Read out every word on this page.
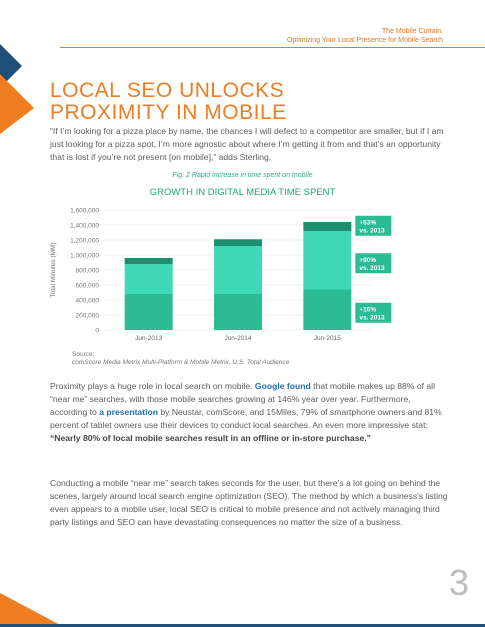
The Mobile Curtain:
Optimizing Your Local Presence for Mobile Search
LOCAL SEO UNLOCKS
PROXIMITY IN MOBILE

“If I’m looking for a pizza place by name, the chances I will defect to a competitor are smaller, but if I am just looking for a pizza spot, I’m more agnostic about where I’m getting it from and that’s an opportunity that is lost if you’re not present [on mobile],” adds Sterling.

Fig. 2 Rapid increase in time spent on mobile
GROWTH IN DIGITAL MEDIA TIME SPENT
1,600,000
1,400,000
1,200,000
1,000,000
800,000
600,000
400,000
200,000
0
Total Minutes (MM)
Jun-2013	Jun-2014	Jun-2015
+53%
vs. 2013
+90%
vs. 2013
+16%
vs. 2013
Source:
comScore Media Metrix Multi-Platform & Mobile Metrix, U.S. Total Audience

Proximity plays a huge role in local search on mobile. Google found that mobile makes up 88% of all “near me” searches, with those mobile searches growing at 146% year over year. Furthermore, according to a presentation by Neustar, comScore, and 15Miles, 79% of smartphone owners and 81% percent of tablet owners use their devices to conduct local searches. An even more impressive stat: “Nearly 80% of local mobile searches result in an offline or in-store purchase.”

Conducting a mobile “near me” search takes seconds for the user, but there’s a lot going on behind the scenes, largely around local search engine optimization (SEO). The method by which a business’s listing even appears to a mobile user, local SEO is critical to mobile presence and not actively managing third party listings and SEO can have devastating consequences no matter the size of a business.

3
